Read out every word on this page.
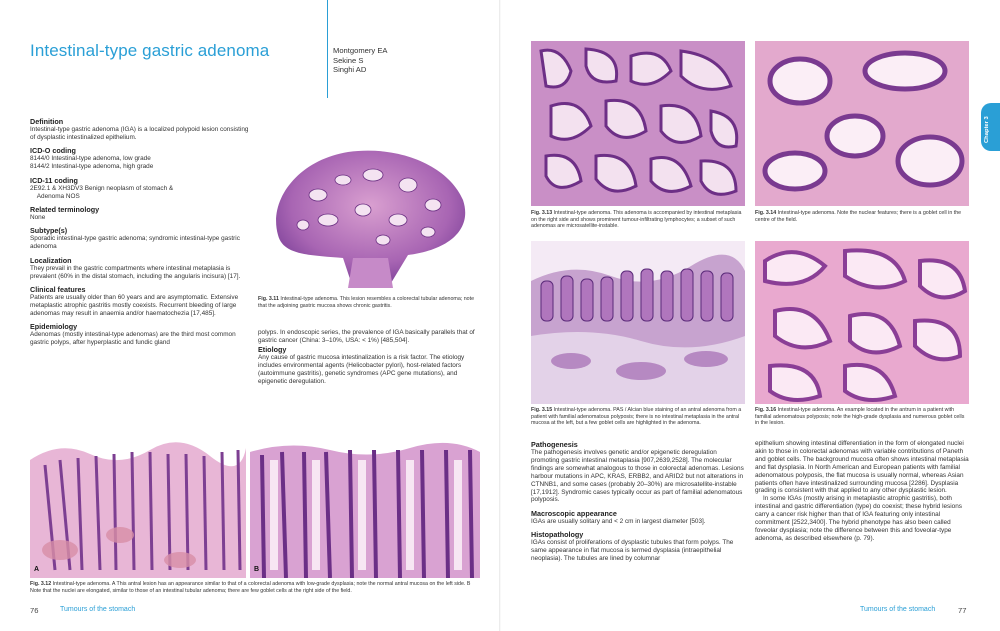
Intestinal-type gastric adenoma	Montgomery EA
Sekine S
Singhi AD
Definition

Intestinal-type gastric adenoma (IGA) is a localized polypoid lesion consisting of dysplastic intestinalized epithelium.

ICD-O coding

8144/0 Intestinal-type adenoma, low grade
8144/2 Intestinal-type adenoma, high grade

ICD-11 coding

2E92.1 & XH3DV3 Benign neoplasm of stomach &
Adenoma NOS

Related terminology

None

Subtype(s)

Sporadic intestinal-type gastric adenoma; syndromic intestinal-type gastric adenoma

Localization

They prevail in the gastric compartments where intestinal metaplasia is prevalent (60% in the distal stomach, including the angularis incisura) [17].

Clinical features

Patients are usually older than 60 years and are asymptomatic. Extensive metaplastic atrophic gastritis mostly coexists. Recurrent bleeding of large adenomas may result in anaemia and/or haematochezia [17,485].

Epidemiology

Adenomas (mostly intestinal-type adenomas) are the third most common gastric polyps, after hyperplastic and fundic gland

Fig. 3.11 Intestinal-type adenoma. This lesion resembles a colorectal tubular adenoma; note that the adjoining gastric mucosa shows chronic gastritis.

polyps. In endoscopic series, the prevalence of IGA basically parallels that of gastric cancer (China: 3–10%, USA: < 1%) [485,504].

Etiology

Any cause of gastric mucosa intestinalization is a risk factor. The etiology includes environmental agents (Helicobacter pylori), host-related factors (autoimmune gastritis), genetic syndromes (APC gene mutations), and epigenetic deregulation.

A	B
Fig. 3.12 Intestinal-type adenoma. A This antral lesion has an appearance similar to that of a colorectal adenoma with low-grade dysplasia; note the normal antral mucosa on the left side. B Note that the nuclei are elongated, similar to those of an intestinal tubular adenoma; there are few goblet cells at the right side of the field.
76	Tumours of the stomach
Chapter 3
Fig. 3.13 Intestinal-type adenoma. This adenoma is accompanied by intestinal metaplasia on the right side and shows prominent tumour-infiltrating lymphocytes; a subset of such adenomas are microsatellite-instable.
Fig. 3.14 Intestinal-type adenoma. Note the nuclear features; there is a goblet cell in the centre of the field.
Fig. 3.15 Intestinal-type adenoma. PAS / Alcian blue staining of an antral adenoma from a patient with familial adenomatous polyposis; there is no intestinal metaplasia in the antral mucosa at the left, but a few goblet cells are highlighted in the adenoma.
Fig. 3.16 Intestinal-type adenoma. An example located in the antrum in a patient with familial adenomatous polyposis; note the high-grade dysplasia and numerous goblet cells in the lesion.
Pathogenesis

The pathogenesis involves genetic and/or epigenetic deregulation promoting gastric intestinal metaplasia [907,2639,2528]. The molecular findings are somewhat analogous to those in colorectal adenomas. Lesions harbour mutations in APC, KRAS, ERBB2, and ARID2 but not alterations in CTNNB1, and some cases (probably 20–30%) are microsatellite-instable [17,1912]. Syndromic cases typically occur as part of familial adenomatous polyposis.

Macroscopic appearance

IGAs are usually solitary and < 2 cm in largest diameter [503].

Histopathology

IGAs consist of proliferations of dysplastic tubules that form polyps. The same appearance in flat mucosa is termed dysplasia (intraepithelial neoplasia). The tubules are lined by columnar

epithelium showing intestinal differentiation in the form of elongated nuclei akin to those in colorectal adenomas with variable contributions of Paneth and goblet cells. The background mucosa often shows intestinal metaplasia and flat dysplasia. In North American and European patients with familial adenomatous polyposis, the flat mucosa is usually normal, whereas Asian patients often have intestinalized surrounding mucosa [2286]. Dysplasia grading is consistent with that applied to any other dysplastic lesion.

In some IGAs (mostly arising in metaplastic atrophic gastritis), both intestinal and gastric differentiation (type) do coexist; these hybrid lesions carry a cancer risk higher than that of IGA featuring only intestinal commitment [2522,3400]. The hybrid phenotype has also been called foveolar dysplasia; note the difference between this and foveolar-type adenoma, as described elsewhere (p. 79).

Tumours of the stomach	77
